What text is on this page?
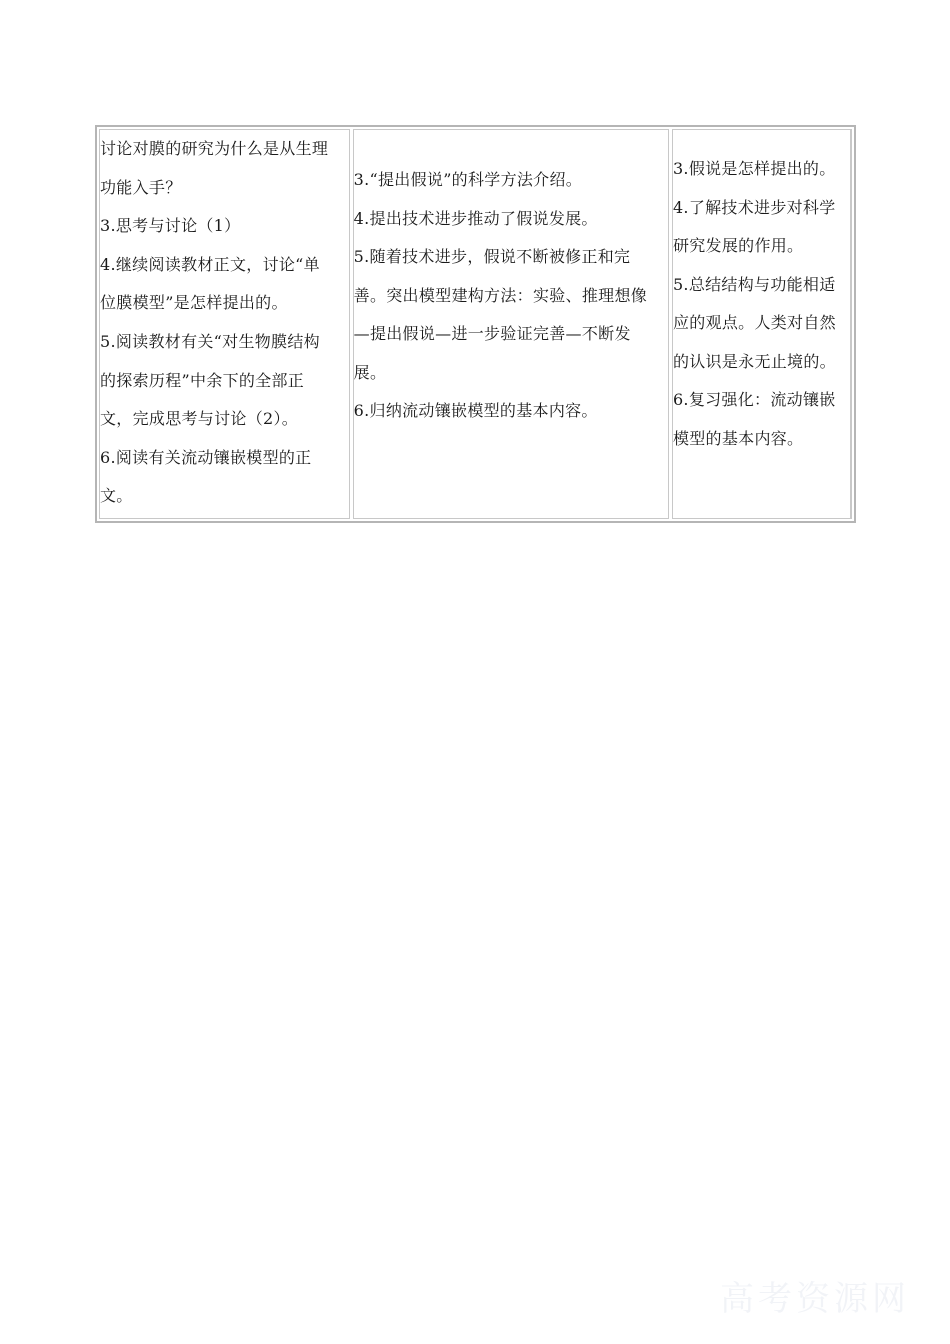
讨论对膜的研究为什么是从生理
功能入手？
3.思考与讨论（1）
4.继续阅读教材正文，讨论“单
位膜模型”是怎样提出的。
5.阅读教材有关“对生物膜结构
的探索历程”中余下的全部正
文，完成思考与讨论（2）。
6.阅读有关流动镶嵌模型的正
文。
3.“提出假说”的科学方法介绍。
4.提出技术进步推动了假说发展。
5.随着技术进步，假说不断被修正和完
善。突出模型建构方法：实验、推理想像
—提出假说—进一步验证完善—不断发
展。
6.归纳流动镶嵌模型的基本内容。
3.假说是怎样提出的。
4.了解技术进步对科学
研究发展的作用。
5.总结结构与功能相适
应的观点。人类对自然
的认识是永无止境的。
6.复习强化：流动镶嵌
模型的基本内容。
高考资源网
